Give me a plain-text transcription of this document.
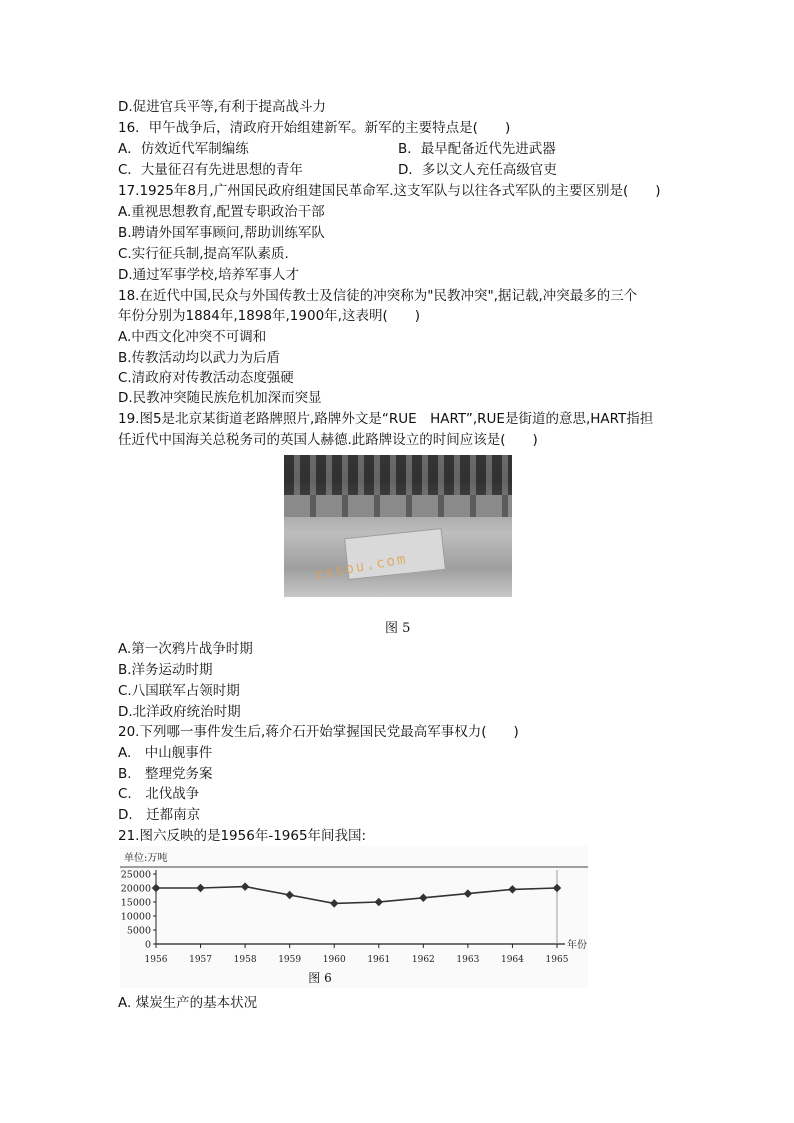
D.促进官兵平等,有利于提高战斗力
16．甲午战争后，清政府开始组建新军。新军的主要特点是(　　)
A．仿效近代军制编练	B．最早配备近代先进武器
C．大量征召有先进思想的青年	D．多以文人充任高级官吏
17.1925年8月,广州国民政府组建国民革命军.这支军队与以往各式军队的主要区别是(　　)
A.重视思想教育,配置专职政治干部
B.聘请外国军事顾问,帮助训练军队
C.实行征兵制,提高军队素质.
D.通过军事学校,培养军事人才
18.在近代中国,民众与外国传教士及信徒的冲突称为"民教冲突",据记载,冲突最多的三个
年份分别为1884年,1898年,1900年,这表明(　　)
A.中西文化冲突不可调和
B.传教活动均以武力为后盾
C.清政府对传教活动态度强硬
D.民教冲突随民族危机加深而突显
19.图5是北京某街道老路牌照片,路牌外文是“RUE　HART”,RUE是街道的意思,HART指担
任近代中国海关总税务司的英国人赫德.此路牌设立的时间应该是(　　)
zssou.com
图 5
A.第一次鸦片战争时期
B.洋务运动时期
C.八国联军占领时期
D.北洋政府统治时期
20.下列哪一事件发生后,蒋介石开始掌握国民党最高军事权力(　　)
A.　中山舰事件
B.　整理党务案
C.　北伐战争
D.　迁都南京
21.图六反映的是1956年-1965年间我国:
单位:万吨
0
5000
10000
15000
20000
25000
1956 1957 1958 1959 1960 1961 1962 1963 1964 1965
年份
图 6
A. 煤炭生产的基本状况
